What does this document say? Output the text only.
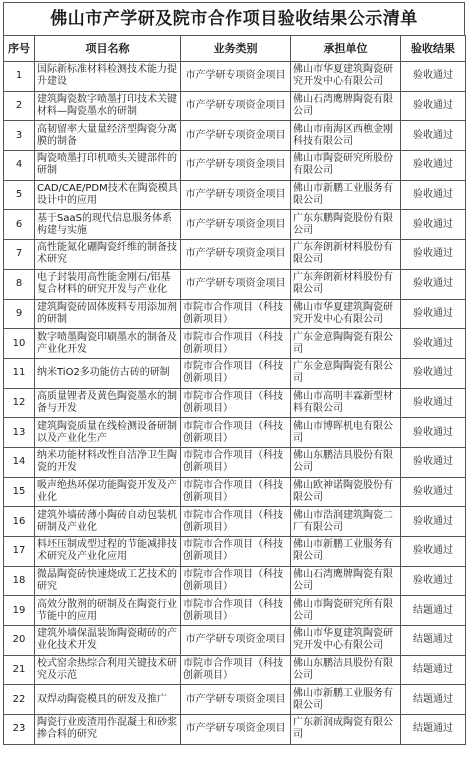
佛山市产学研及院市合作项目验收结果公示清单
序号	项目名称	业务类别	承担单位	验收结果
1	国际新标准材料检测技术能力提升建设	市产学研专项资金项目	佛山市华夏建筑陶瓷研究开发中心有限公司	验收通过
2	建筑陶瓷数字喷墨打印技术关键材料—陶瓷墨水的研制	市产学研专项资金项目	佛山石湾鹰牌陶瓷有限公司	验收通过
3	高韧留率大量量经济型陶瓷分离膜的制备	市产学研专项资金项目	佛山市南海区西樵金刚科技有限公司	验收通过
4	陶瓷喷墨打印机喷头关键部件的研制	市产学研专项资金项目	佛山市陶瓷研究所股份有限公司	验收通过
5	CAD/CAE/PDM技术在陶瓷模具设计中的应用	市产学研专项资金项目	佛山市新鹏工业服务有限公司	验收通过
6	基于SaaS的现代信息服务体系构建与实施	市产学研专项资金项目	广东东鹏陶瓷股份有限公司	验收通过
7	高性能氮化硼陶瓷纤维的制备技术研究	市产学研专项资金项目	广东奔朗新材料股份有限公司	验收通过
8	电子封装用高性能金刚石/铝基复合材料的研究开发与产业化	市产学研专项资金项目	广东奔朗新材料股份有限公司	验收通过
9	建筑陶瓷砖固体废料专用添加剂的研制	市院市合作项目（科技创新项目）	佛山市华夏建筑陶瓷研究开发中心有限公司	验收通过
10	数字喷墨陶瓷印刷墨水的制备及产业化开发	市院市合作项目（科技创新项目）	广东金意陶陶瓷有限公司	验收通过
11	纳米TiO2多功能仿古砖的研制	市院市合作项目（科技创新项目）	广东金意陶陶瓷有限公司	验收通过
12	高质量锂者及黄色陶瓷墨水的制备与开发	市院市合作项目（科技创新项目）	佛山市高明丰霖新型材料有限公司	验收通过
13	建筑陶瓷质量在线检测设备研制以及产业化生产	市院市合作项目（科技创新项目）	佛山市博晖机电有限公司	验收通过
14	纳米功能材料改性自洁净卫生陶瓷的开发	市院市合作项目（科技创新项目）	佛山东鹏洁具股份有限公司	验收通过
15	吸声绝热环保功能陶瓷开发及产业化	市院市合作项目（科技创新项目）	佛山欧神诺陶瓷股份有限公司	验收通过
16	建筑外墙砖薄小陶砖自动包装机研制及产业化	市院市合作项目（科技创新项目）	佛山市浩润建筑陶瓷二厂有限公司	验收通过
17	料坯压制成型过程的节能减排技术研究及产业化应用	市院市合作项目（科技创新项目）	佛山市新鹏工业服务有限公司	验收通过
18	微晶陶瓷砖快速烧成工艺技术的研究	市院市合作项目（科技创新项目）	佛山石湾鹰牌陶瓷有限公司	验收通过
19	高效分散剂的研制及在陶瓷行业节能中的应用	市院市合作项目（科技创新项目）	佛山市陶瓷研究所有限公司	结题通过
20	建筑外墙保温装饰陶瓷砌砖的产业化技术开发	市产学研专项资金项目	佛山市华夏建筑陶瓷研究开发中心有限公司	结题通过
21	校式窑余热综合利用关键技术研究及示范	市院市合作项目（科技创新项目）	佛山东鹏洁具股份有限公司	结题通过
22	双焊动陶瓷模具的研发及推广	市产学研专项资金项目	佛山市新鹏工业服务有限公司	结题通过
23	陶瓷行业废渣用作混凝土和砂浆掺合料的研究	市产学研专项资金项目	广东新润成陶瓷有限公司	结题通过
